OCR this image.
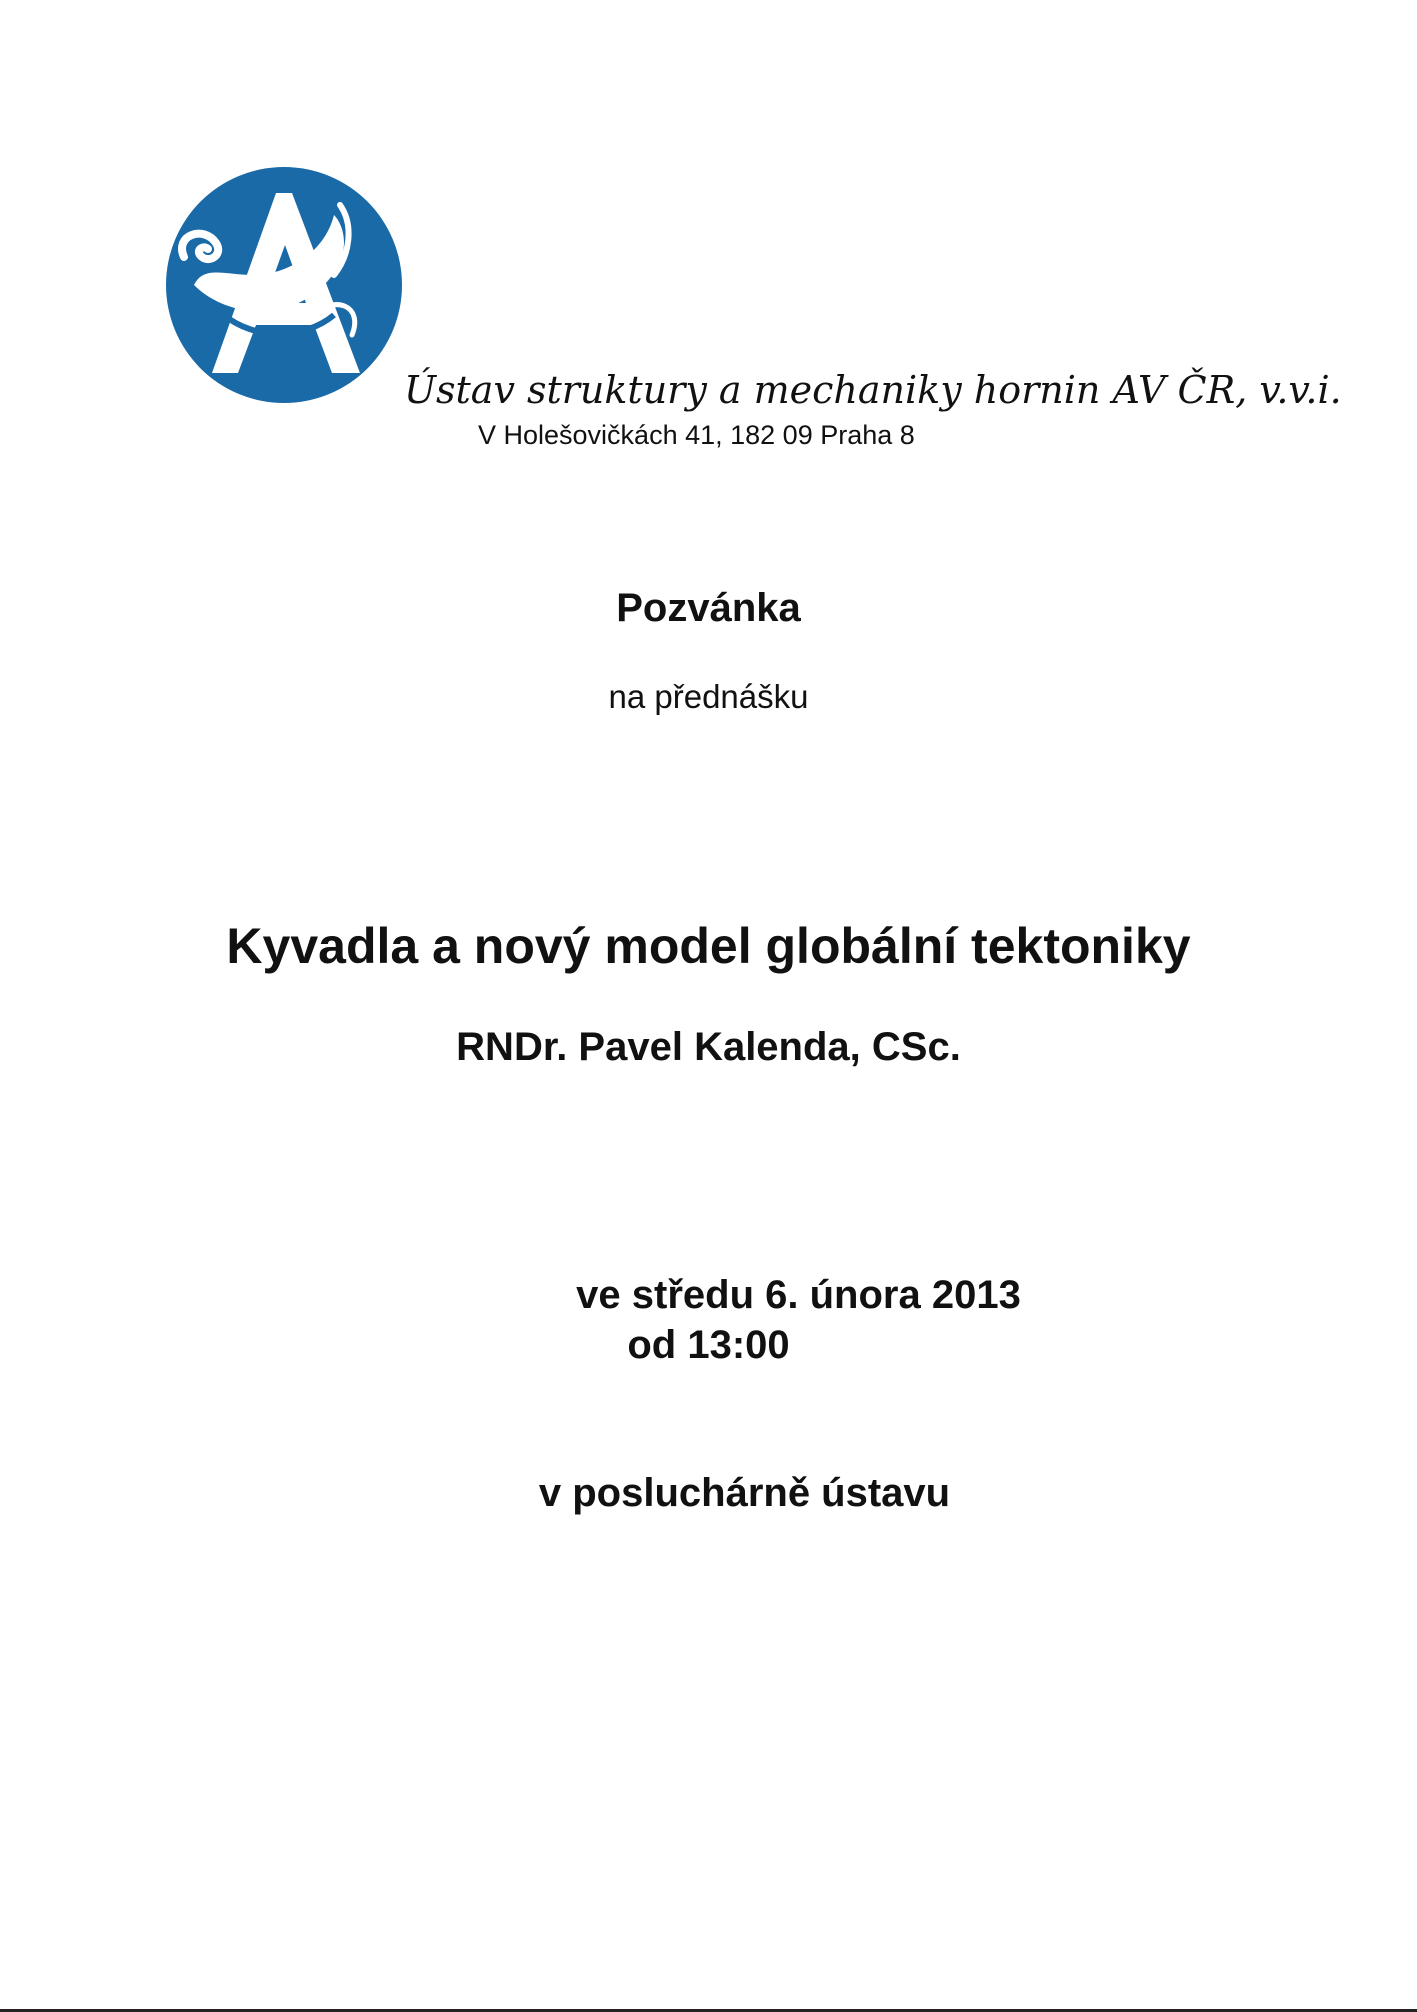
Ústav struktury a mechaniky hornin AV ČR, v.v.i.
V Holešovičkách 41, 182 09 Praha 8
Pozvánka
na přednášku
Kyvadla a nový model globální tektoniky
RNDr. Pavel Kalenda, CSc.
ve středu 6. února 2013
od 13:00
v posluchárně ústavu
